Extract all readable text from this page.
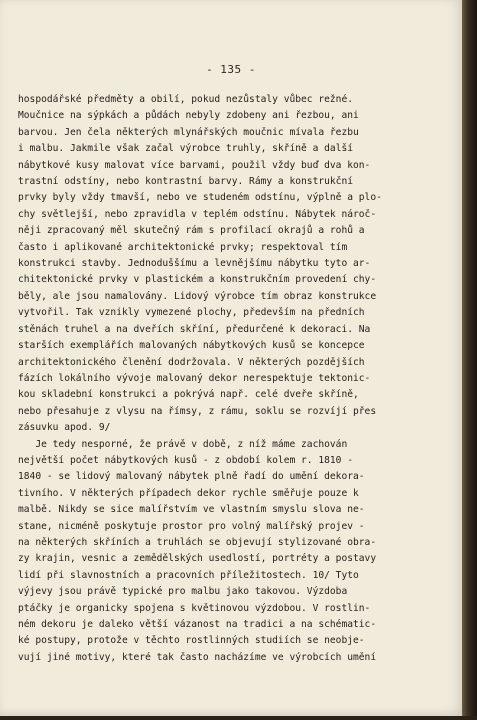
- 135 -
hospodářské předměty a obilí, pokud nezůstaly vůbec režné.
Moučnice na sýpkách a půdách nebyly zdobeny ani řezbou, ani
barvou. Jen čela některých mlynářských moučnic mívala řezbu
i malbu. Jakmile však začal výrobce truhly, skříně a další
nábytkové kusy malovat více barvami, použil vždy buď dva kon-
trastní odstíny, nebo kontrastní barvy. Rámy a konstrukční
prvky byly vždy tmavší, nebo ve studeném odstínu, výplně a plo-
chy světlejší, nebo zpravidla v teplém odstínu. Nábytek nároč-
něji zpracovaný měl skutečný rám s profilací okrajů a rohů a
často i aplikované architektonické prvky; respektoval tím
konstrukci stavby. Jednoduššímu a levnějšímu nábytku tyto ar-
chitektonické prvky v plastickém a konstrukčním provedení chy-
běly, ale jsou namalovány. Lidový výrobce tím obraz konstrukce
vytvořil. Tak vznikly vymezené plochy, především na předních
stěnách truhel a na dveřích skříní, předurčené k dekoraci. Na
starších exemplářích malovaných nábytkových kusů se koncepce
architektonického členění dodržovala. V některých pozdějších
fázích lokálního vývoje malovaný dekor nerespektuje tektonic-
kou skladební konstrukci a pokrývá např. celé dveře skříně,
nebo přesahuje z vlysu na římsy, z rámu, soklu se rozvíjí přes
zásuvku apod. 9/
Je tedy nesporné, že právě v době, z níž máme zachován
největší počet nábytkových kusů - z období kolem r. 1810 -
1840 - se lidový malovaný nábytek plně řadí do umění dekora-
tivního. V některých případech dekor rychle směřuje pouze k
malbě. Nikdy se sice malířstvím ve vlastním smyslu slova ne-
stane, nicméně poskytuje prostor pro volný malířský projev -
na některých skříních a truhlách se objevují stylizované obra-
zy krajin, vesnic a zemědělských usedlostí, portréty a postavy
lidí při slavnostních a pracovních příležitostech. 10/ Tyto
výjevy jsou právě typické pro malbu jako takovou. Výzdoba
ptáčky je organicky spojena s květinovou výzdobou. V rostlin-
ném dekoru je daleko větší vázanost na tradici a na schématic-
ké postupy, protože v těchto rostlinných studiích se neobje-
vují jiné motivy, které tak často nacházíme ve výrobcích umění
